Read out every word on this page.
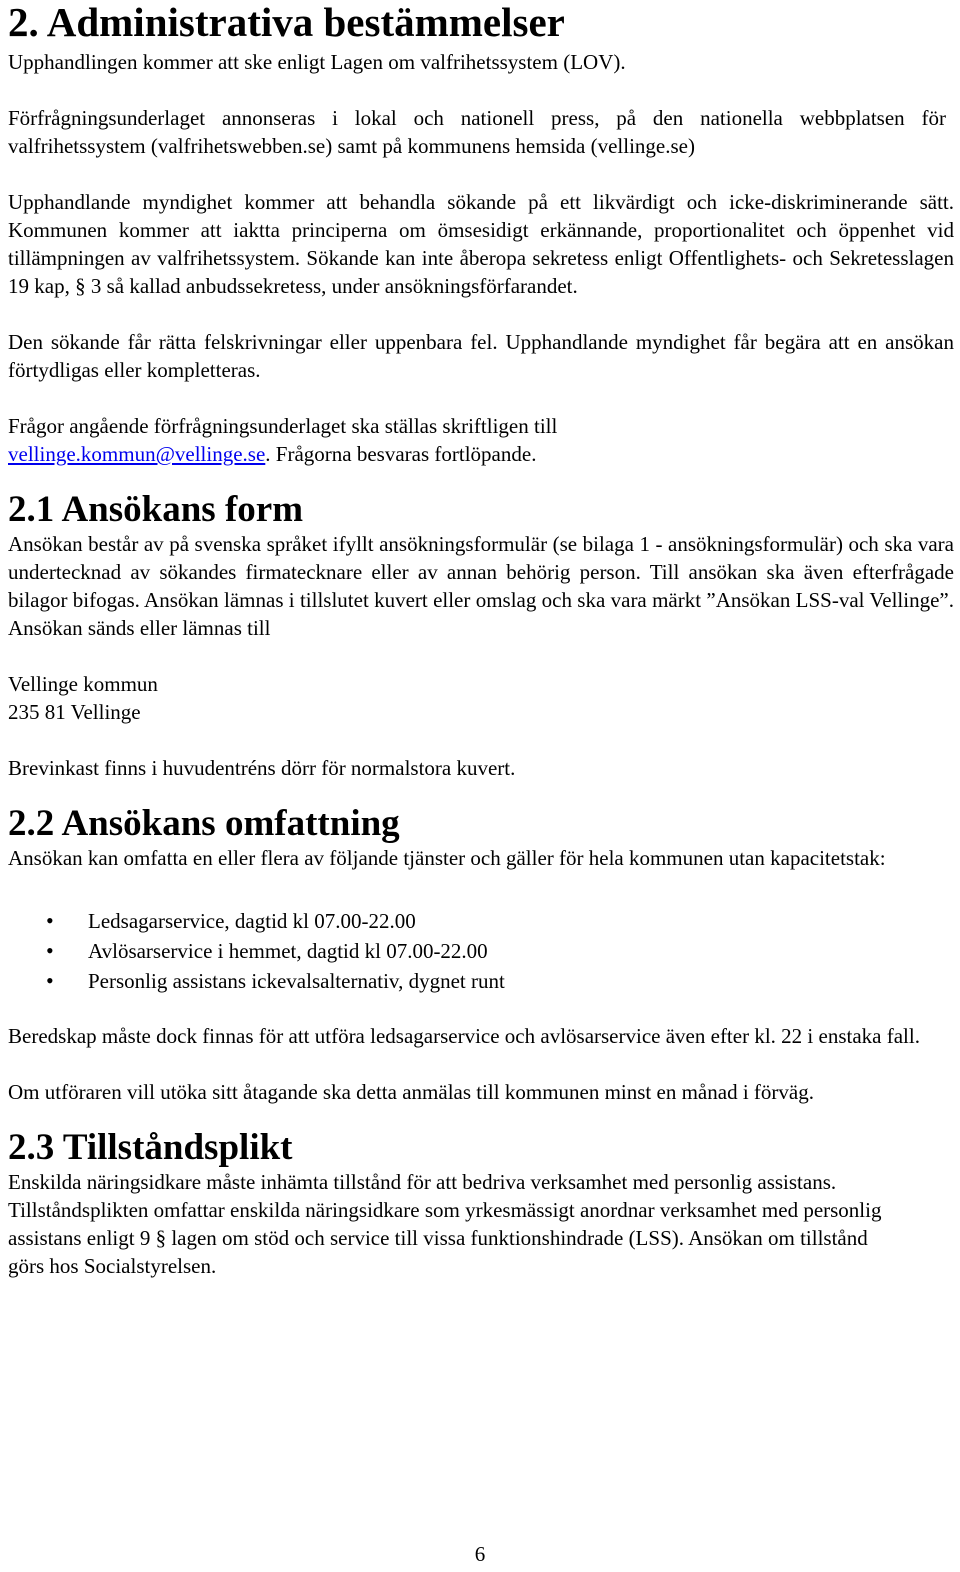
2. Administrativa bestämmelser

Upphandlingen kommer att ske enligt Lagen om valfrihetssystem (LOV).

Förfrågningsunderlaget annonseras i lokal och nationell press, på den nationella webbplatsen för valfrihetssystem (valfrihetswebben.se) samt på kommunens hemsida (vellinge.se)

Upphandlande myndighet kommer att behandla sökande på ett likvärdigt och icke-diskriminerande sätt. Kommunen kommer att iaktta principerna om ömsesidigt erkännande, proportionalitet och öppenhet vid tillämpningen av valfrihetssystem. Sökande kan inte åberopa sekretess enligt Offentlighets- och Sekretesslagen 19 kap, § 3 så kallad anbudssekretess, under ansökningsförfarandet.

Den sökande får rätta felskrivningar eller uppenbara fel. Upphandlande myndighet får begära att en ansökan förtydligas eller kompletteras.

Frågor angående förfrågningsunderlaget ska ställas skriftligen till vellinge.kommun@vellinge.se. Frågorna besvaras fortlöpande.

2.1 Ansökans form

Ansökan består av på svenska språket ifyllt ansökningsformulär (se bilaga 1 - ansökningsformulär) och ska vara undertecknad av sökandes firmatecknare eller av annan behörig person. Till ansökan ska även efterfrågade bilagor bifogas. Ansökan lämnas i tillslutet kuvert eller omslag och ska vara märkt ”Ansökan LSS-val Vellinge”. Ansökan sänds eller lämnas till

Vellinge kommun

235 81 Vellinge

Brevinkast finns i huvudentréns dörr för normalstora kuvert.

2.2 Ansökans omfattning

Ansökan kan omfatta en eller flera av följande tjänster och gäller för hela kommunen utan kapacitetstak:

• Ledsagarservice, dagtid kl 07.00-22.00
• Avlösarservice i hemmet, dagtid kl 07.00-22.00
• Personlig assistans ickevalsalternativ, dygnet runt

Beredskap måste dock finnas för att utföra ledsagarservice och avlösarservice även efter kl. 22 i enstaka fall.

Om utföraren vill utöka sitt åtagande ska detta anmälas till kommunen minst en månad i förväg.

2.3 Tillståndsplikt

Enskilda näringsidkare måste inhämta tillstånd för att bedriva verksamhet med personlig assistans. Tillståndsplikten omfattar enskilda näringsidkare som yrkesmässigt anordnar verksamhet med personlig assistans enligt 9 § lagen om stöd och service till vissa funktionshindrade (LSS). Ansökan om tillstånd görs hos Socialstyrelsen.

6
